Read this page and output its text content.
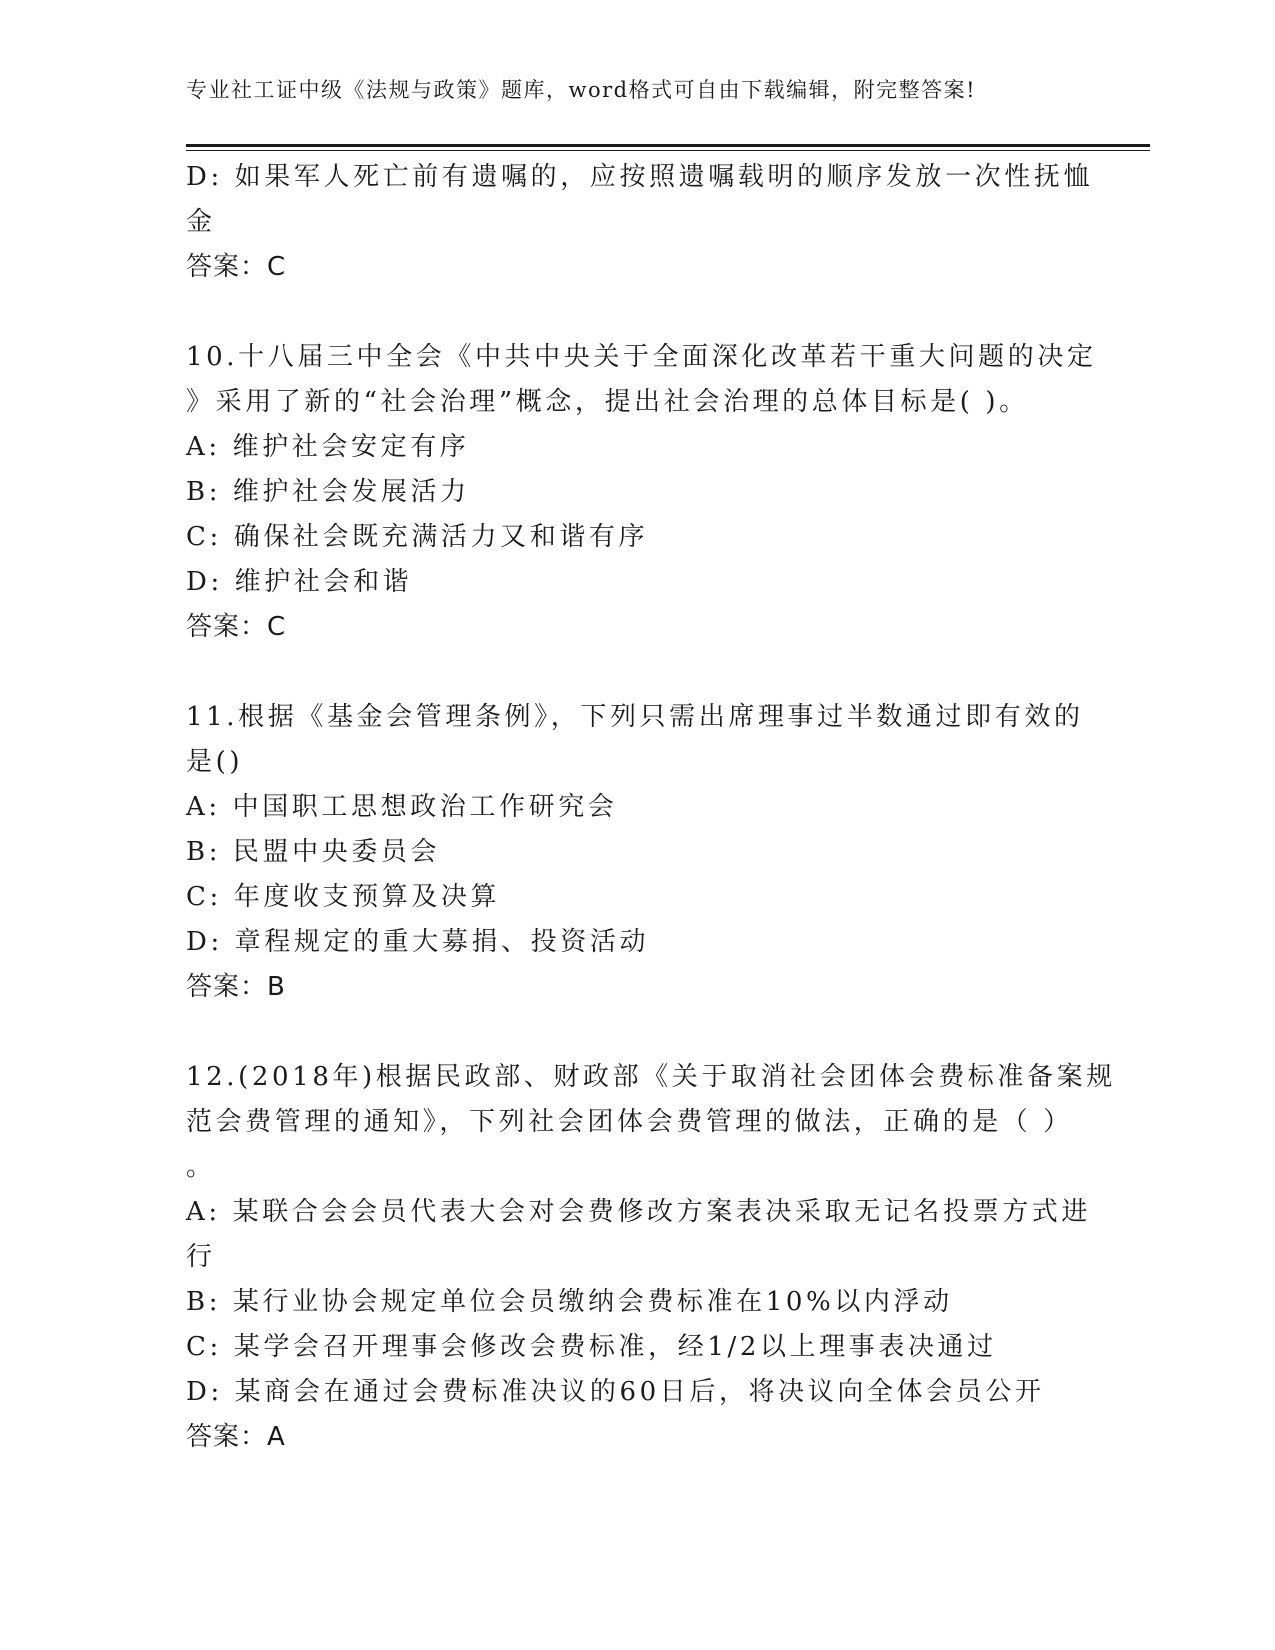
专业社工证中级《法规与政策》题库，word格式可自由下载编辑，附完整答案!
D: 如果军人死亡前有遗嘱的，应按照遗嘱载明的顺序发放一次性抚恤
金
答案：C
10.十八届三中全会《中共中央关于全面深化改革若干重大问题的决定
》采用了新的“社会治理”概念，提出社会治理的总体目标是( )。
A: 维护社会安定有序
B: 维护社会发展活力
C: 确保社会既充满活力又和谐有序
D: 维护社会和谐
答案：C
11.根据《基金会管理条例》，下列只需出席理事过半数通过即有效的
是()
A: 中国职工思想政治工作研究会
B: 民盟中央委员会
C: 年度收支预算及决算
D: 章程规定的重大募捐、投资活动
答案：B
12.(2018年)根据民政部、财政部《关于取消社会团体会费标准备案规
范会费管理的通知》，下列社会团体会费管理的做法，正确的是（ ）
。
A: 某联合会会员代表大会对会费修改方案表决采取无记名投票方式进
行
B: 某行业协会规定单位会员缴纳会费标准在10%以内浮动
C: 某学会召开理事会修改会费标准，经1/2以上理事表决通过
D: 某商会在通过会费标准决议的60日后，将决议向全体会员公开
答案：A
